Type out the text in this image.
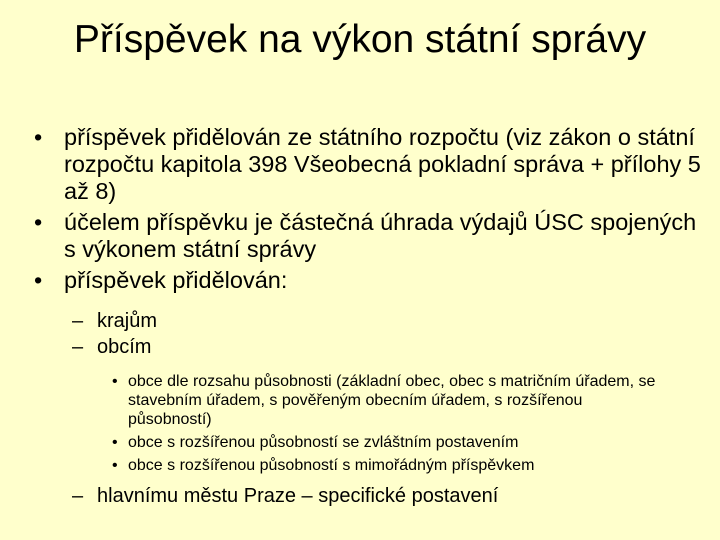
Příspěvek na výkon státní správy
• příspěvek přidělován ze státního rozpočtu (viz zákon o státní rozpočtu kapitola 398 Všeobecná pokladní správa + přílohy 5 až 8)
• účelem příspěvku je částečná úhrada výdajů ÚSC spojených s výkonem státní správy
• příspěvek přidělován:
– krajům
– obcím
• obce dle rozsahu působnosti (základní obec, obec s matričním úřadem, se stavebním úřadem, s pověřeným obecním úřadem, s rozšířenou působností)
• obce s rozšířenou působností se zvláštním postavením
• obce s rozšířenou působností s mimořádným příspěvkem
– hlavnímu městu Praze – specifické postavení
